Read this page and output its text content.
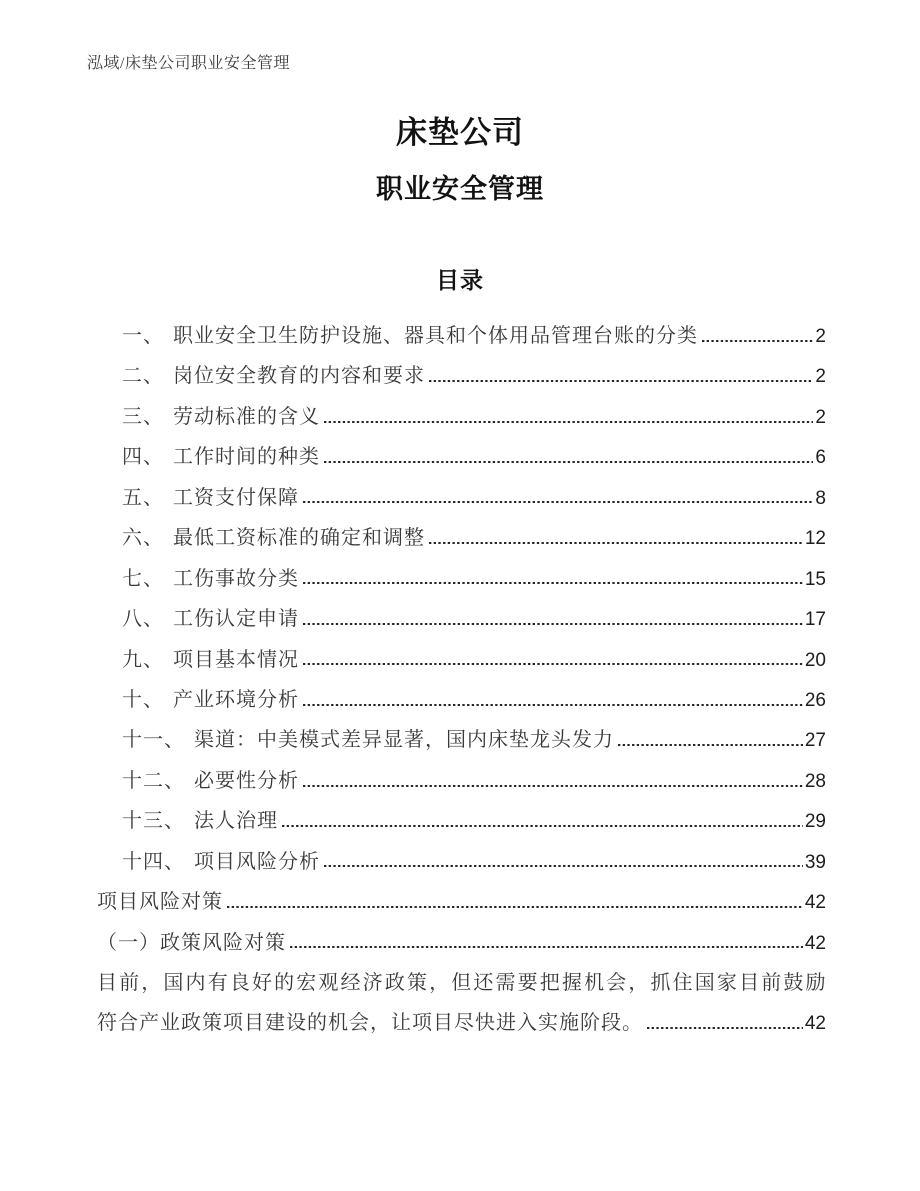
泓域/床垫公司职业安全管理
床垫公司
职业安全管理
目录
一、 职业安全卫生防护设施、器具和个体用品管理台账的分类	2
二、 岗位安全教育的内容和要求	2
三、 劳动标准的含义	2
四、 工作时间的种类	6
五、 工资支付保障	8
六、 最低工资标准的确定和调整	12
七、 工伤事故分类	15
八、 工伤认定申请	17
九、 项目基本情况	20
十、 产业环境分析	26
十一、 渠道：中美模式差异显著，国内床垫龙头发力	27
十二、 必要性分析	28
十三、 法人治理	29
十四、 项目风险分析	39
项目风险对策	42
（一）政策风险对策	42
目前，国内有良好的宏观经济政策，但还需要把握机会，抓住国家目前鼓励
符合产业政策项目建设的机会，让项目尽快进入实施阶段。	42
